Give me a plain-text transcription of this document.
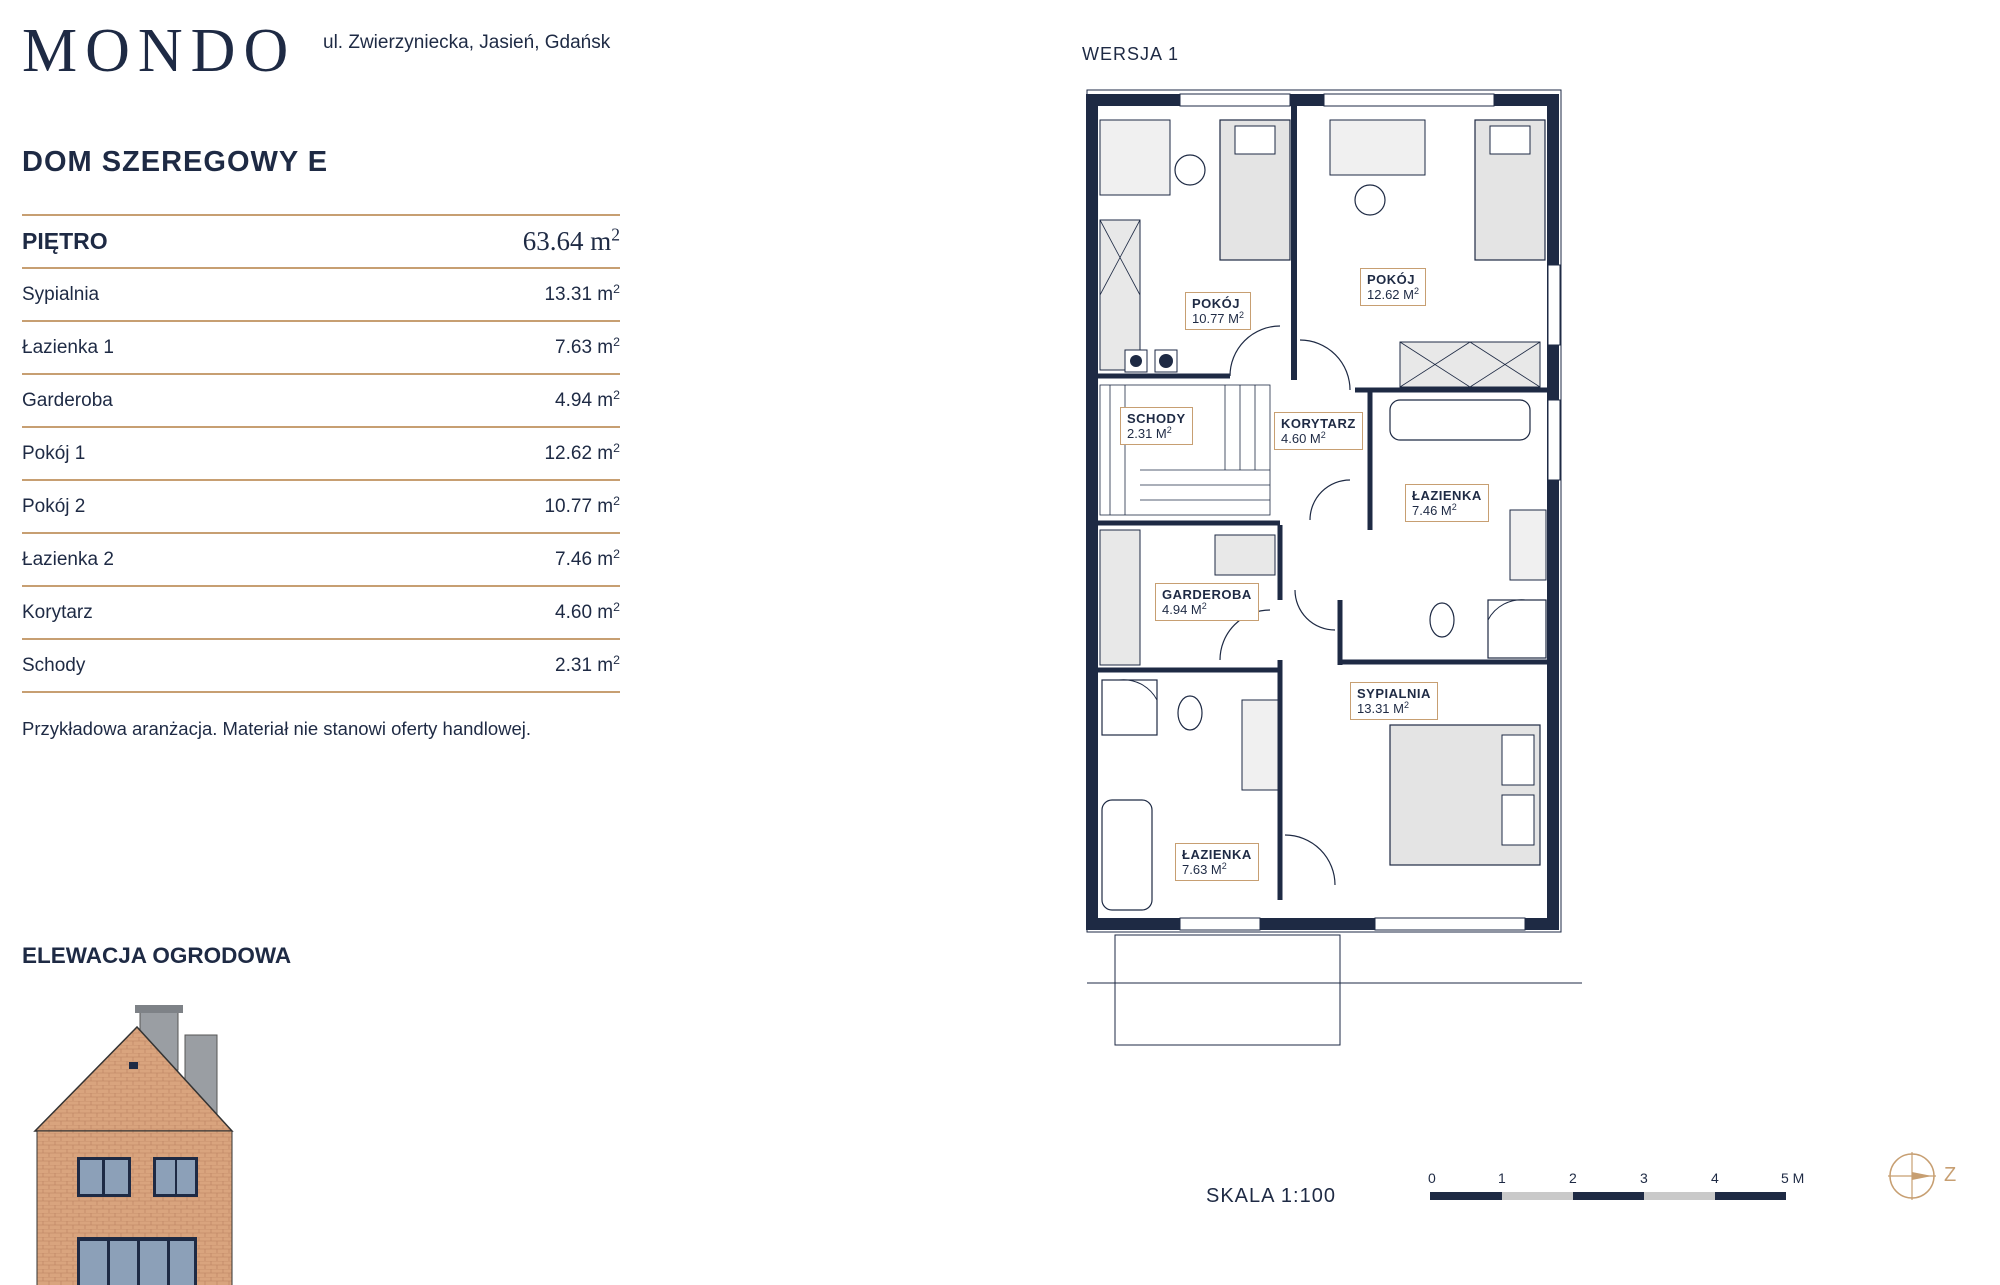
MONDO ul. Zwierzyniecka, Jasień, Gdańsk
DOM SZEREGOWY E
PIĘTRO	63.64 $m^2$
Sypialnia	13.31 $m^2$
Łazienka 1	7.63 $m^2$
Garderoba	4.94 $m^2$
Pokój 1	12.62 $m^2$
Pokój 2	10.77 $m^2$
Łazienka 2	7.46 $m^2$
Korytarz	4.60 $m^2$
Schody	2.31 $m^2$
Przykładowa aranżacja. Materiał nie stanowi oferty handlowej.
ELEWACJA OGRODOWA
WERSJA 1
POKÓJ
10.77 $M^2$
POKÓJ
12.62 $M^2$
SCHODY
2.31 $M^2$	KORYTARZ
4.60 $M^2$
ŁAZIENKA
7.46 $M^2$
GARDEROBA
4.94 $M^2$
SYPIALNIA
13.31 $M^2$
ŁAZIENKA
7.63 $M^2$
SKALA 1:100
0	1	2	3	4	5 M	Z
